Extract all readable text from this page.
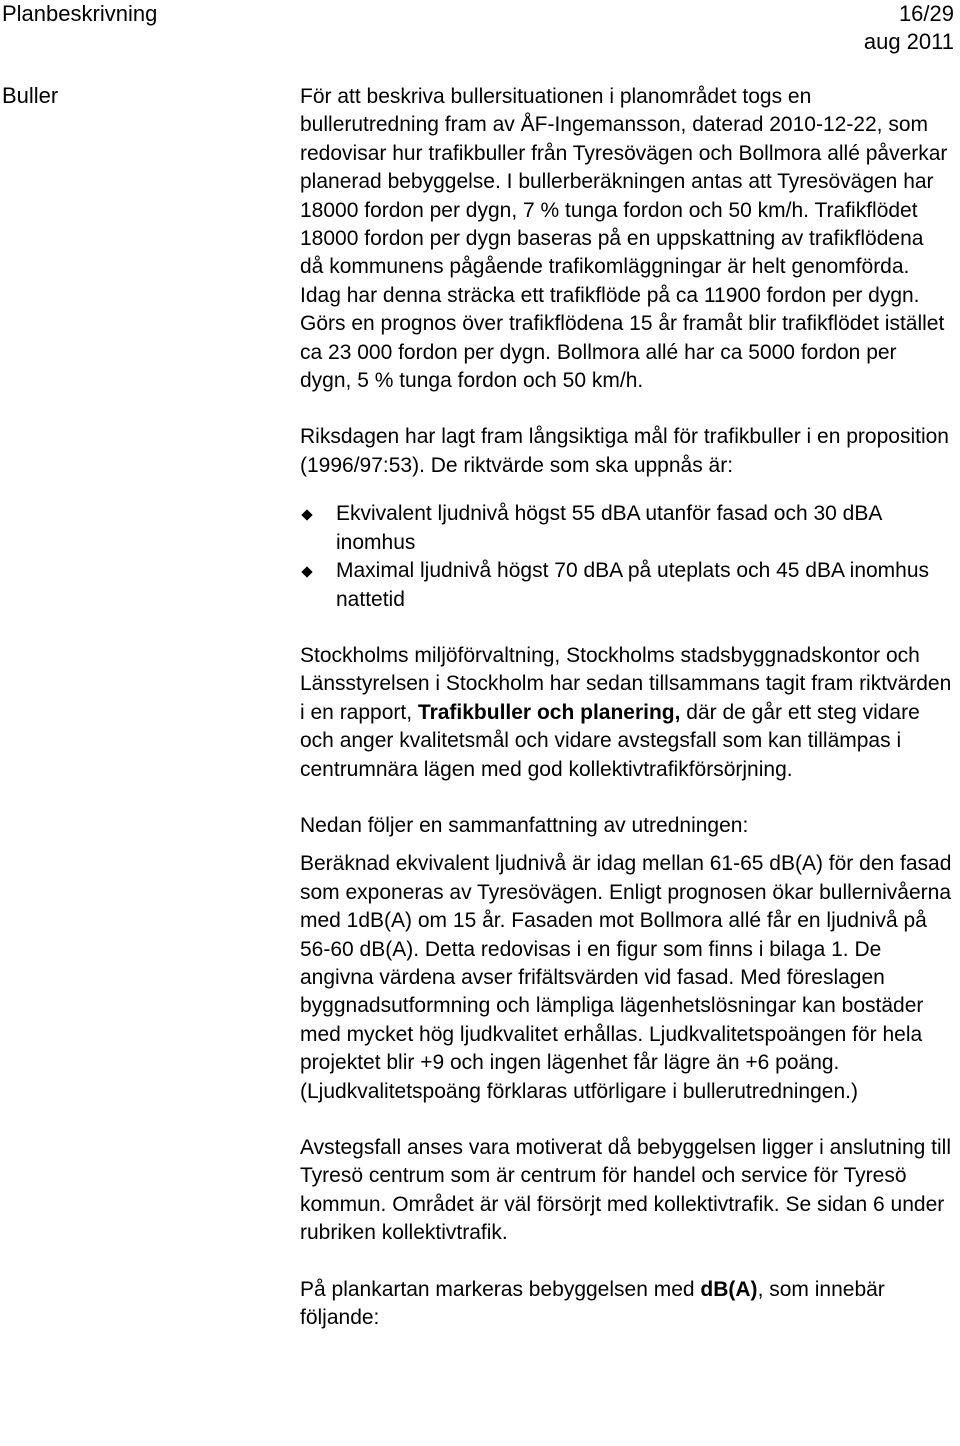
Planbeskrivning	16/29
aug 2011
Buller	För att beskriva bullersituationen i planområdet togs en bullerutredning fram av ÅF-Ingemansson, daterad 2010-12-22, som redovisar hur trafikbuller från Tyresövägen och Bollmora allé påverkar planerad bebyggelse. I bullerberäkningen antas att Tyresövägen har 18000 fordon per dygn, 7 % tunga fordon och 50 km/h. Trafikflödet 18000 fordon per dygn baseras på en uppskattning av trafikflödena då kommunens pågående trafikomläggningar är helt genomförda. Idag har denna sträcka ett trafikflöde på ca 11900 fordon per dygn. Görs en prognos över trafikflödena 15 år framåt blir trafikflödet istället ca 23 000 fordon per dygn. Bollmora allé har ca 5000 fordon per dygn, 5 % tunga fordon och 50 km/h.

Riksdagen har lagt fram långsiktiga mål för trafikbuller i en proposition (1996/97:53). De riktvärde som ska uppnås är:

Ekvivalent ljudnivå högst 55 dBA utanför fasad och 30 dBA inomhus
Maximal ljudnivå högst 70 dBA på uteplats och 45 dBA inomhus nattetid

Stockholms miljöförvaltning, Stockholms stadsbyggnadskontor och Länsstyrelsen i Stockholm har sedan tillsammans tagit fram riktvärden i en rapport, Trafikbuller och planering, där de går ett steg vidare och anger kvalitetsmål och vidare avstegsfall som kan tillämpas i centrumnära lägen med god kollektivtrafikförsörjning.

Nedan följer en sammanfattning av utredningen:

Beräknad ekvivalent ljudnivå är idag mellan 61-65 dB(A) för den fasad som exponeras av Tyresövägen. Enligt prognosen ökar bullernivåerna med 1dB(A) om 15 år. Fasaden mot Bollmora allé får en ljudnivå på 56-60 dB(A). Detta redovisas i en figur som finns i bilaga 1. De angivna värdena avser frifältsvärden vid fasad. Med föreslagen byggnadsutformning och lämpliga lägenhetslösningar kan bostäder med mycket hög ljudkvalitet erhållas. Ljudkvalitetspoängen för hela projektet blir +9 och ingen lägenhet får lägre än +6 poäng. (Ljudkvalitetspoäng förklaras utförligare i bullerutredningen.)

Avstegsfall anses vara motiverat då bebyggelsen ligger i anslutning till Tyresö centrum som är centrum för handel och service för Tyresö kommun. Området är väl försörjt med kollektivtrafik. Se sidan 6 under rubriken kollektivtrafik.

På plankartan markeras bebyggelsen med dB(A), som innebär följande:
